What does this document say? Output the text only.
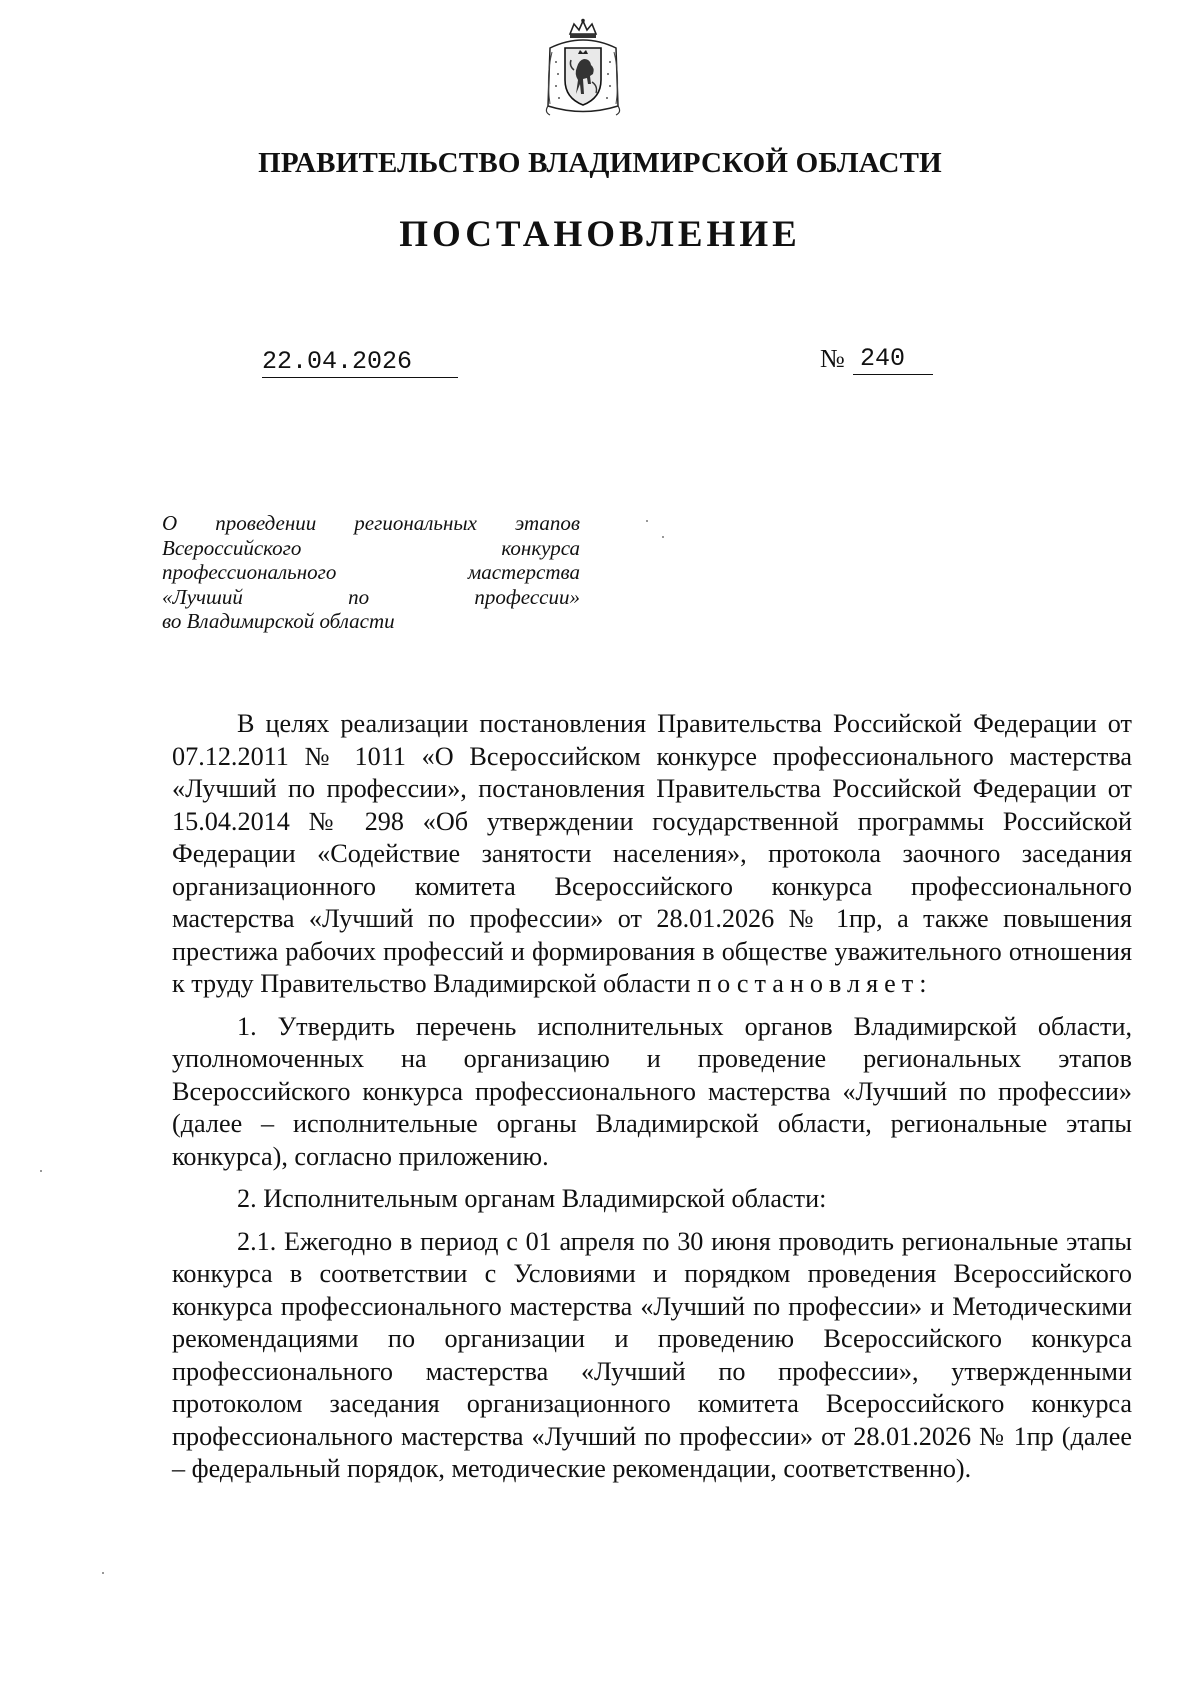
ПРАВИТЕЛЬСТВО ВЛАДИМИРСКОЙ ОБЛАСТИ
ПОСТАНОВЛЕНИЕ
22.04.2026	№ 240
О проведении региональных этапов
Всероссийского конкурса
профессионального мастерства
«Лучший по профессии»
во Владимирской области

В целях реализации постановления Правительства Российской Федерации от 07.12.2011 № 1011 «О Всероссийском конкурсе профессионального мастерства «Лучший по профессии», постановления Правительства Российской Федерации от 15.04.2014 № 298 «Об утверждении государственной программы Российской Федерации «Содействие занятости населения», протокола заочного заседания организационного комитета Всероссийского конкурса профессионального мастерства «Лучший по профессии» от 28.01.2026 № 1пр, а также повышения престижа рабочих профессий и формирования в обществе уважительного отношения к труду Правительство Владимирской области постановляет:

1. Утвердить перечень исполнительных органов Владимирской области, уполномоченных на организацию и проведение региональных этапов Всероссийского конкурса профессионального мастерства «Лучший по профессии» (далее – исполнительные органы Владимирской области, региональные этапы конкурса), согласно приложению.

2. Исполнительным органам Владимирской области:

2.1. Ежегодно в период с 01 апреля по 30 июня проводить региональные этапы конкурса в соответствии с Условиями и порядком проведения Всероссийского конкурса профессионального мастерства «Лучший по профессии» и Методическими рекомендациями по организации и проведению Всероссийского конкурса профессионального мастерства «Лучший по профессии», утвержденными протоколом заседания организационного комитета Всероссийского конкурса профессионального мастерства «Лучший по профессии» от 28.01.2026 № 1пр (далее – федеральный порядок, методические рекомендации, соответственно).
